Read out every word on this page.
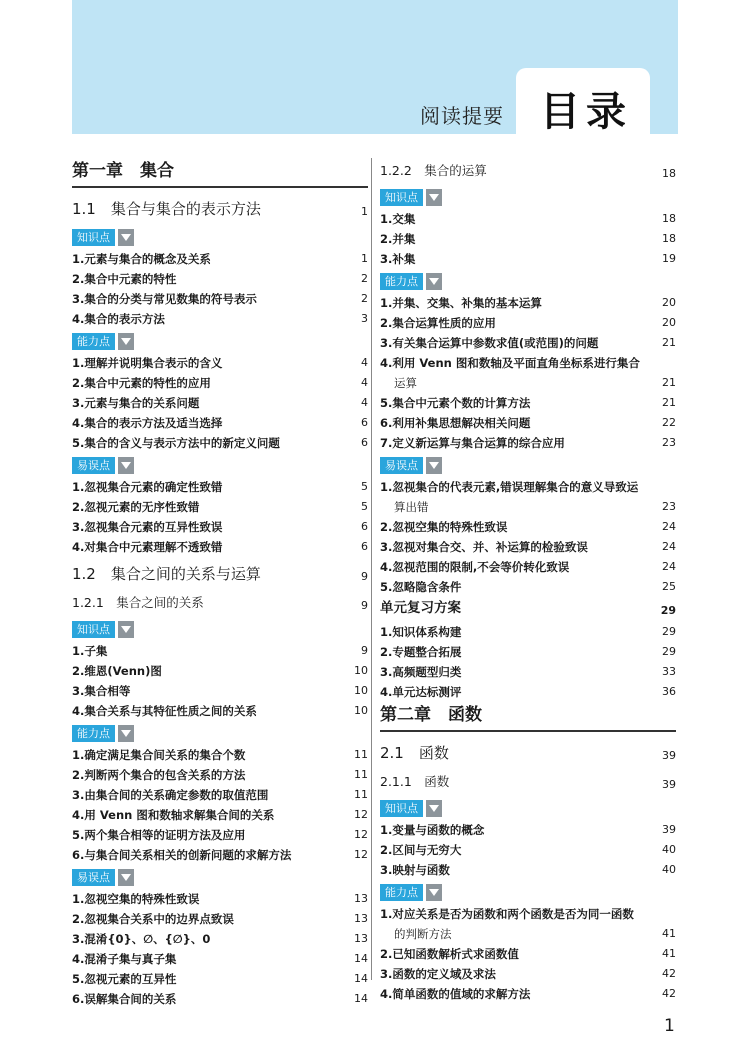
阅读提要 目录
第一章　集合
1.1　集合与集合的表示方法	1
知识点
1.元素与集合的概念及关系	1
2.集合中元素的特性	2
3.集合的分类与常见数集的符号表示	2
4.集合的表示方法	3
能力点
1.理解并说明集合表示的含义	4
2.集合中元素的特性的应用	4
3.元素与集合的关系问题	4
4.集合的表示方法及适当选择	6
5.集合的含义与表示方法中的新定义问题	6
易误点
1.忽视集合元素的确定性致错	5
2.忽视元素的无序性致错	5
3.忽视集合元素的互异性致误	6
4.对集合中元素理解不透致错	6
1.2　集合之间的关系与运算	9
1.2.1　集合之间的关系	9
知识点
1.子集	9
2.维恩(Venn)图	10
3.集合相等	10
4.集合关系与其特征性质之间的关系	10
能力点
1.确定满足集合间关系的集合个数	11
2.判断两个集合的包含关系的方法	11
3.由集合间的关系确定参数的取值范围	11
4.用 Venn 图和数轴求解集合间的关系	12
5.两个集合相等的证明方法及应用	12
6.与集合间关系相关的创新问题的求解方法	12
易误点
1.忽视空集的特殊性致误	13
2.忽视集合关系中的边界点致误	13
3.混淆{0}、∅、{∅}、0	13
4.混淆子集与真子集	14
5.忽视元素的互异性	14
6.误解集合间的关系	14
1.2.2　集合的运算	18
知识点
1.交集	18
2.并集	18
3.补集	19
能力点
1.并集、交集、补集的基本运算	20
2.集合运算性质的应用	20
3.有关集合运算中参数求值(或范围)的问题	21
4.利用 Venn 图和数轴及平面直角坐标系进行集合
运算	21
5.集合中元素个数的计算方法	21
6.利用补集思想解决相关问题	22
7.定义新运算与集合运算的综合应用	23
易误点
1.忽视集合的代表元素,错误理解集合的意义导致运
算出错	23
2.忽视空集的特殊性致误	24
3.忽视对集合交、并、补运算的检验致误	24
4.忽视范围的限制,不会等价转化致误	24
5.忽略隐含条件	25
单元复习方案	29
1.知识体系构建	29
2.专题整合拓展	29
3.高频题型归类	33
4.单元达标测评	36
第二章　函数
2.1　函数	39
2.1.1　函数	39
知识点
1.变量与函数的概念	39
2.区间与无穷大	40
3.映射与函数	40
能力点
1.对应关系是否为函数和两个函数是否为同一函数
的判断方法	41
2.已知函数解析式求函数值	41
3.函数的定义域及求法	42
4.简单函数的值域的求解方法	42
1
